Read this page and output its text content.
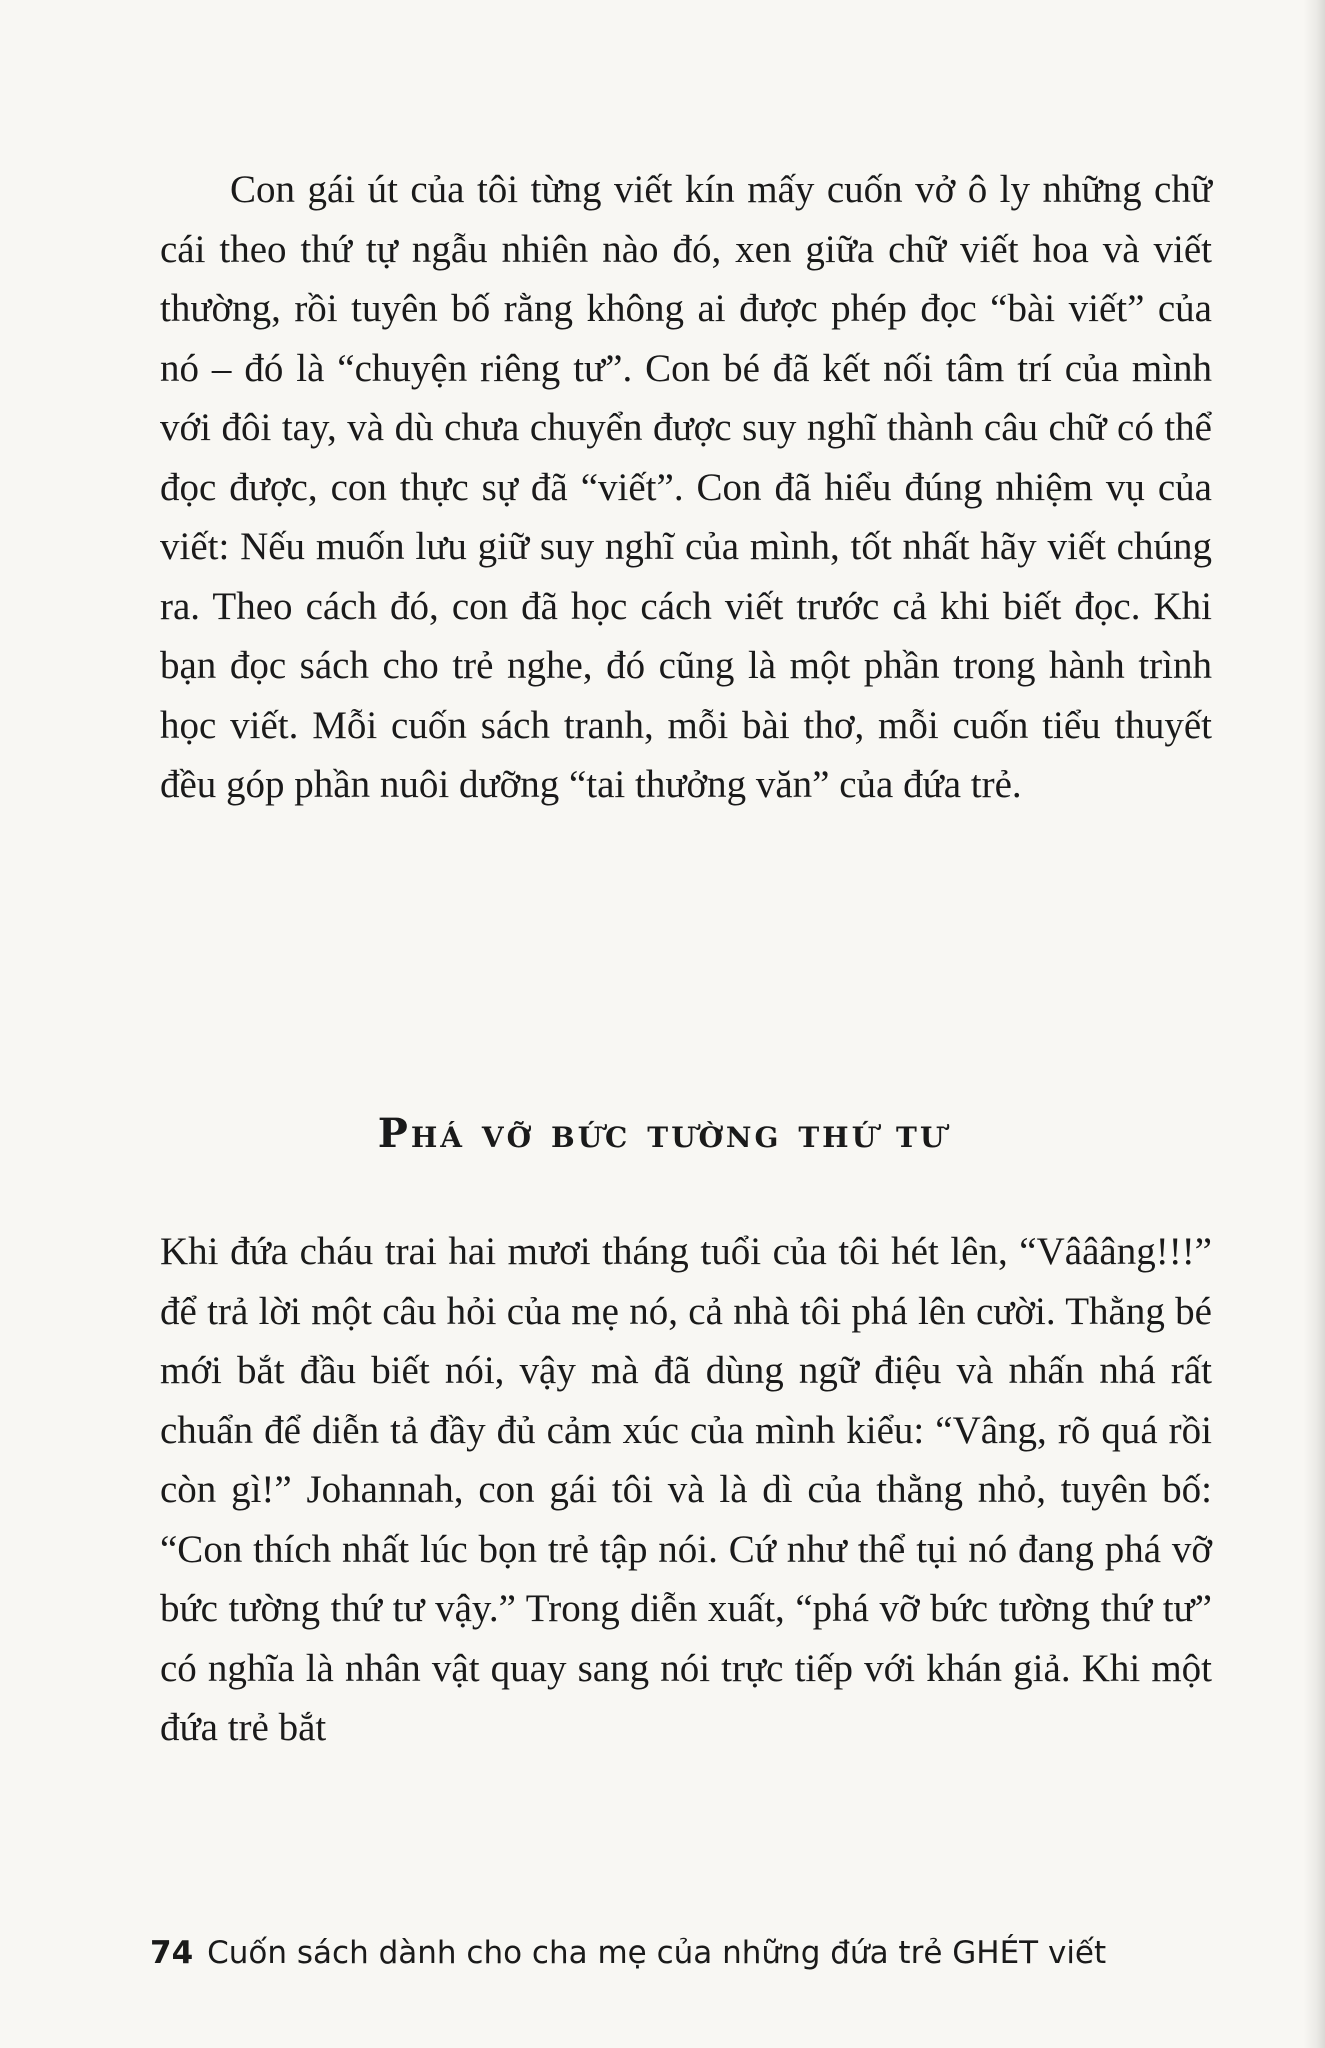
Con gái út của tôi từng viết kín mấy cuốn vở ô ly những chữ cái theo thứ tự ngẫu nhiên nào đó, xen giữa chữ viết hoa và viết thường, rồi tuyên bố rằng không ai được phép đọc “bài viết” của nó – đó là “chuyện riêng tư”. Con bé đã kết nối tâm trí của mình với đôi tay, và dù chưa chuyển được suy nghĩ thành câu chữ có thể đọc được, con thực sự đã “viết”. Con đã hiểu đúng nhiệm vụ của viết: Nếu muốn lưu giữ suy nghĩ của mình, tốt nhất hãy viết chúng ra. Theo cách đó, con đã học cách viết trước cả khi biết đọc. Khi bạn đọc sách cho trẻ nghe, đó cũng là một phần trong hành trình học viết. Mỗi cuốn sách tranh, mỗi bài thơ, mỗi cuốn tiểu thuyết đều góp phần nuôi dưỡng “tai thưởng văn” của đứa trẻ.

Phá vỡ bức tường thứ tư

Khi đứa cháu trai hai mươi tháng tuổi của tôi hét lên, “Vâââng!!!” để trả lời một câu hỏi của mẹ nó, cả nhà tôi phá lên cười. Thằng bé mới bắt đầu biết nói, vậy mà đã dùng ngữ điệu và nhấn nhá rất chuẩn để diễn tả đầy đủ cảm xúc của mình kiểu: “Vâng, rõ quá rồi còn gì!” Johannah, con gái tôi và là dì của thằng nhỏ, tuyên bố: “Con thích nhất lúc bọn trẻ tập nói. Cứ như thể tụi nó đang phá vỡ bức tường thứ tư vậy.” Trong diễn xuất, “phá vỡ bức tường thứ tư” có nghĩa là nhân vật quay sang nói trực tiếp với khán giả. Khi một đứa trẻ bắt

74 Cuốn sách dành cho cha mẹ của những đứa trẻ GHÉT viết
